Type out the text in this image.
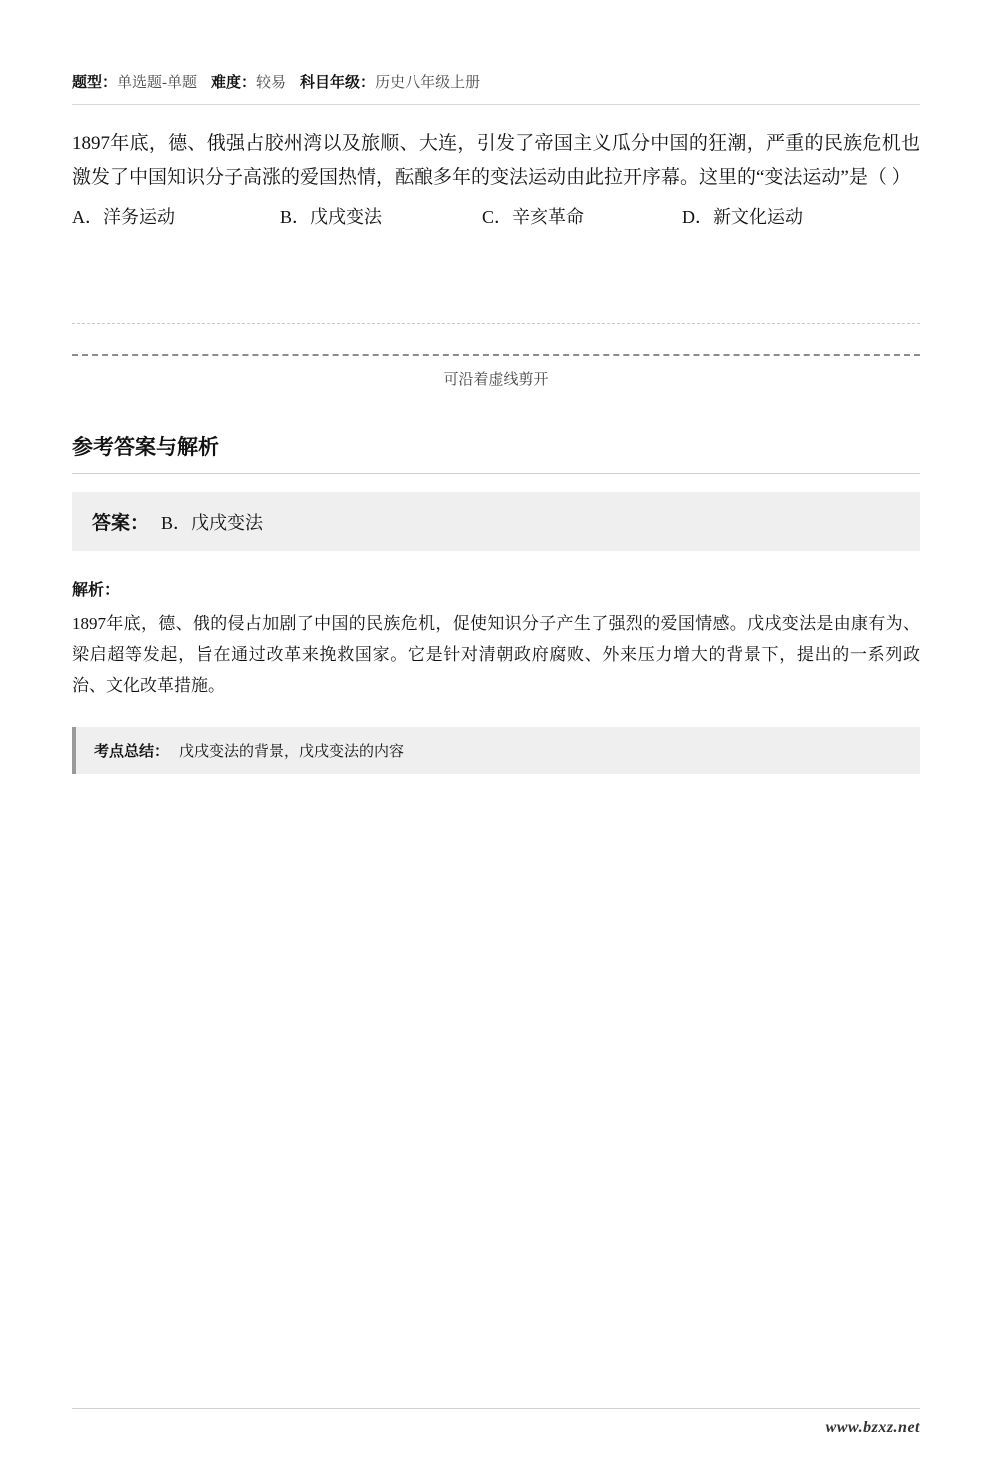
题型：单选题-单题 难度：较易 科目年级：历史八年级上册
1897年底，德、俄强占胶州湾以及旅顺、大连，引发了帝国主义瓜分中国的狂潮，严重的民族危机也激发了中国知识分子高涨的爱国热情，酝酿多年的变法运动由此拉开序幕。这里的“变法运动”是（ ）
A．洋务运动	B．戊戌变法	C．辛亥革命	D．新文化运动
可沿着虚线剪开
参考答案与解析
答案： B．戊戌变法
解析：
1897年底，德、俄的侵占加剧了中国的民族危机，促使知识分子产生了强烈的爱国情感。戊戌变法是由康有为、梁启超等发起，旨在通过改革来挽救国家。它是针对清朝政府腐败、外来压力增大的背景下，提出的一系列政治、文化改革措施。
考点总结： 戊戌变法的背景，戊戌变法的内容
www.bzxz.net
